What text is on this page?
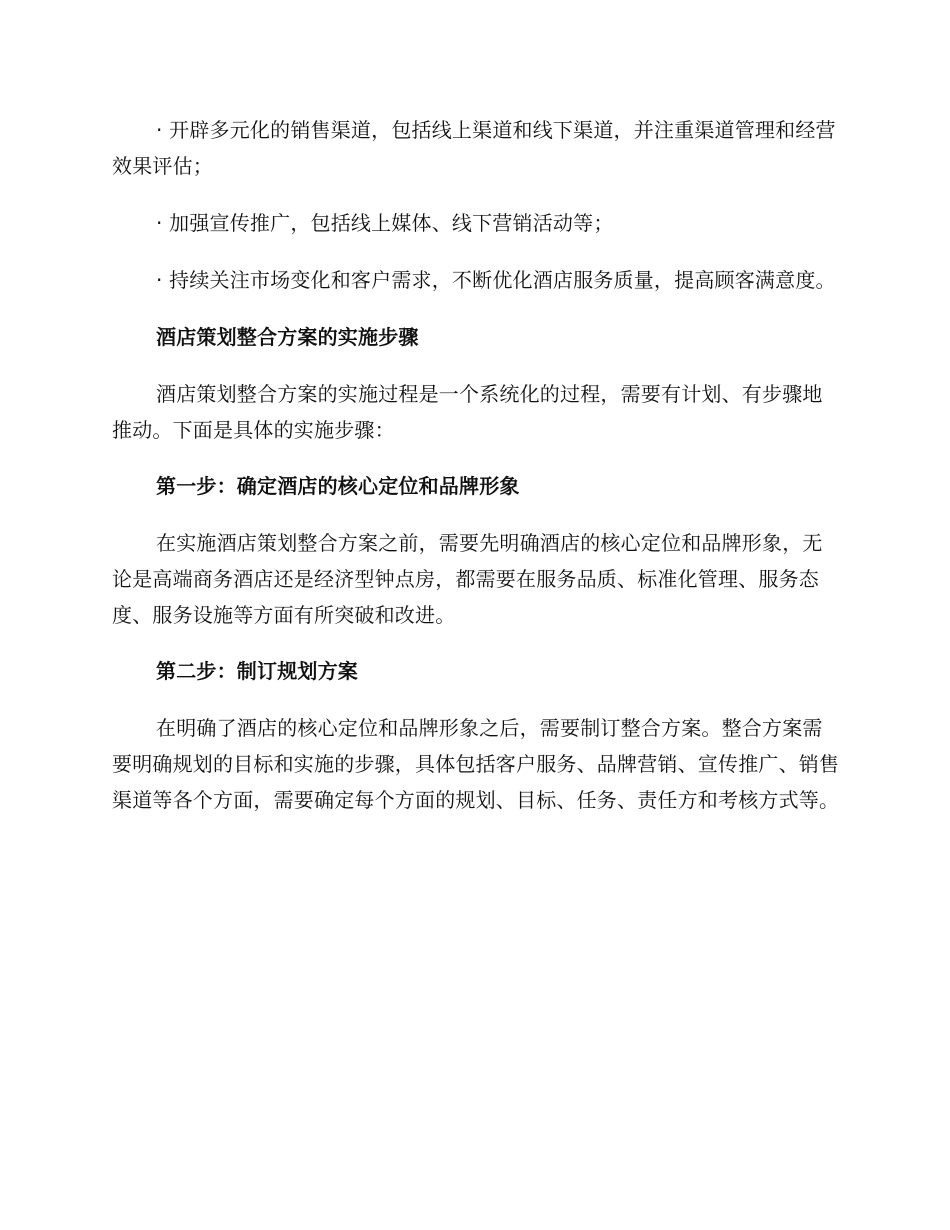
· 开辟多元化的销售渠道，包括线上渠道和线下渠道，并注重渠道管理和经营效果评估；

· 加强宣传推广，包括线上媒体、线下营销活动等；

· 持续关注市场变化和客户需求，不断优化酒店服务质量，提高顾客满意度。

酒店策划整合方案的实施步骤

酒店策划整合方案的实施过程是一个系统化的过程，需要有计划、有步骤地推动。下面是具体的实施步骤：

第一步：确定酒店的核心定位和品牌形象

在实施酒店策划整合方案之前，需要先明确酒店的核心定位和品牌形象，无论是高端商务酒店还是经济型钟点房，都需要在服务品质、标准化管理、服务态度、服务设施等方面有所突破和改进。

第二步：制订规划方案

在明确了酒店的核心定位和品牌形象之后，需要制订整合方案。整合方案需要明确规划的目标和实施的步骤，具体包括客户服务、品牌营销、宣传推广、销售渠道等各个方面，需要确定每个方面的规划、目标、任务、责任方和考核方式等。
